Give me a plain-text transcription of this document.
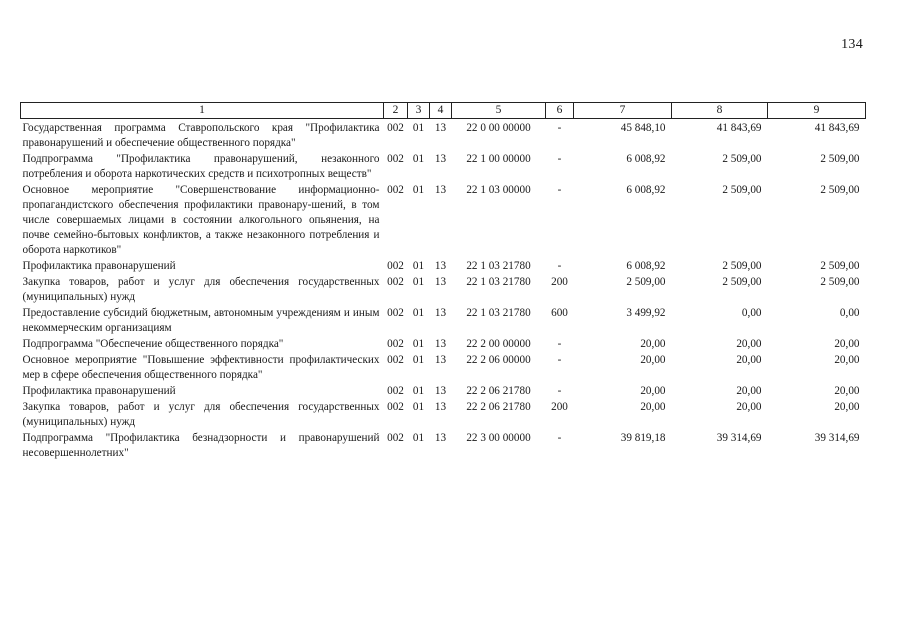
134
1	2	3	4	5	6	7	8	9
Государственная программа Ставропольского края "Профилактика правонарушений и обеспечение общественного порядка"	002	01	13	22 0 00 00000	-	45 848,10	41 843,69	41 843,69
Подпрограмма "Профилактика правонарушений, незаконного потребления и оборота наркотических средств и психотропных веществ"	002	01	13	22 1 00 00000	-	6 008,92	2 509,00	2 509,00
Основное мероприятие "Совершенствование информационно-пропагандистского обеспечения профилактики правонару-шений, в том числе совершаемых лицами в состоянии алкогольного опьянения, на почве семейно-бытовых конфликтов, а также незаконного потребления и оборота наркотиков"	002	01	13	22 1 03 00000	-	6 008,92	2 509,00	2 509,00
Профилактика правонарушений	002	01	13	22 1 03 21780	-	6 008,92	2 509,00	2 509,00
Закупка товаров, работ и услуг для обеспечения государственных (муниципальных) нужд	002	01	13	22 1 03 21780	200	2 509,00	2 509,00	2 509,00
Предоставление субсидий бюджетным, автономным учреждениям и иным некоммерческим организациям	002	01	13	22 1 03 21780	600	3 499,92	0,00	0,00
Подпрограмма "Обеспечение общественного порядка"	002	01	13	22 2 00 00000	-	20,00	20,00	20,00
Основное мероприятие "Повышение эффективности профилактических мер в сфере обеспечения общественного порядка"	002	01	13	22 2 06 00000	-	20,00	20,00	20,00
Профилактика правонарушений	002	01	13	22 2 06 21780	-	20,00	20,00	20,00
Закупка товаров, работ и услуг для обеспечения государственных (муниципальных) нужд	002	01	13	22 2 06 21780	200	20,00	20,00	20,00
Подпрограмма "Профилактика безнадзорности и правонарушений несовершеннолетних"	002	01	13	22 3 00 00000	-	39 819,18	39 314,69	39 314,69
